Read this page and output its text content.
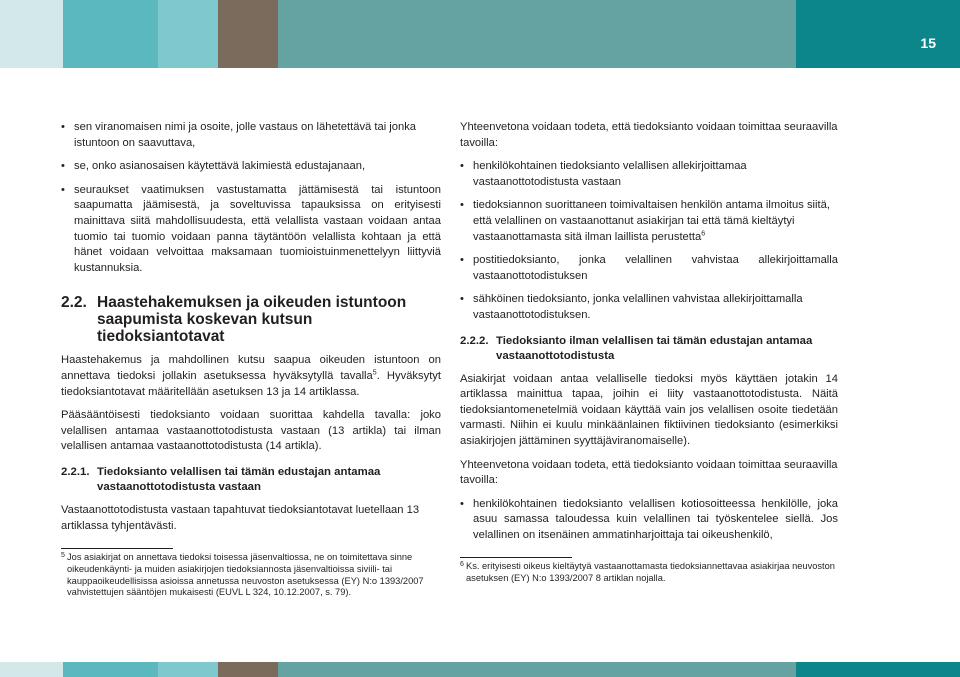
15
• sen viranomaisen nimi ja osoite, jolle vastaus on lähetettävä tai jonka istuntoon on saavuttava,
• se, onko asianosaisen käytettävä lakimiestä edustajanaan,
• seuraukset vaatimuksen vastustamatta jättämisestä tai istuntoon saapumatta jäämisestä, ja soveltuvissa tapauksissa on erityisesti mainittava siitä mahdollisuudesta, että velallista vastaan voidaan antaa tuomio tai tuomio voidaan panna täytäntöön velallista kohtaan ja että hänet voidaan velvoittaa maksamaan tuomioistuinmenettelyyn liittyviä kustannuksia.
2.2. Haastehakemuksen ja oikeuden istuntoon saapumista koskevan kutsun tiedoksiantotavat

Haastehakemus ja mahdollinen kutsu saapua oikeuden istuntoon on annettava tiedoksi jollakin asetuksessa hyväksytyllä tavalla$^5$. Hyväksytyt tiedoksiantotavat määritellään asetuksen 13 ja 14 artiklassa.

Pääsääntöisesti tiedoksianto voidaan suorittaa kahdella tavalla: joko velallisen antamaa vastaanottotodistusta vastaan (13 artikla) tai ilman velallisen antamaa vastaanottotodistusta (14 artikla).

2.2.1. Tiedoksianto velallisen tai tämän edustajan antamaa vastaanottotodistusta vastaan

Vastaanottotodistusta vastaan tapahtuvat tiedoksiantotavat luetellaan 13 artiklassa tyhjentävästi.

5 Jos asiakirjat on annettava tiedoksi toisessa jäsenvaltiossa, ne on toimitettava sinne oikeudenkäynti- ja muiden asiakirjojen tiedoksiannosta jäsenvaltioissa siviili- tai kauppaoikeudellisissa asioissa annetussa neuvoston asetuksessa (EY) N:o 1393/2007 vahvistettujen sääntöjen mukaisesti (EUVL L 324, 10.12.2007, s. 79).

Yhteenvetona voidaan todeta, että tiedoksianto voidaan toimittaa seuraavilla tavoilla:

• henkilökohtainen tiedoksianto velallisen allekirjoittamaa vastaanottotodistusta vastaan
• tiedoksiannon suorittaneen toimivaltaisen henkilön antama ilmoitus siitä, että velallinen on vastaanottanut asiakirjan tai että tämä kieltäytyi vastaanottamasta sitä ilman laillista perustetta$^6$
• postitiedoksianto, jonka velallinen vahvistaa allekirjoittamalla vastaanottotodistuksen
• sähköinen tiedoksianto, jonka velallinen vahvistaa allekirjoittamalla vastaanottotodistuksen.
2.2.2. Tiedoksianto ilman velallisen tai tämän edustajan antamaa vastaanottotodistusta

Asiakirjat voidaan antaa velalliselle tiedoksi myös käyttäen jotakin 14 artiklassa mainittua tapaa, joihin ei liity vastaanottotodistusta. Näitä tiedoksiantomenetelmiä voidaan käyttää vain jos velallisen osoite tiedetään varmasti. Niihin ei kuulu minkäänlainen fiktiivinen tiedoksianto (esimerkiksi asiakirjojen jättäminen syyttäjäviranomaiselle).

Yhteenvetona voidaan todeta, että tiedoksianto voidaan toimittaa seuraavilla tavoilla:

• henkilökohtainen tiedoksianto velallisen kotiosoitteessa henkilölle, joka asuu samassa taloudessa kuin velallinen tai työskentelee siellä. Jos velallinen on itsenäinen ammatinharjoittaja tai oikeushenkilö,
6 Ks. erityisesti oikeus kieltäytyä vastaanottamasta tiedoksiannettavaa asiakirjaa neuvoston asetuksen (EY) N:o 1393/2007 8 artiklan nojalla.
